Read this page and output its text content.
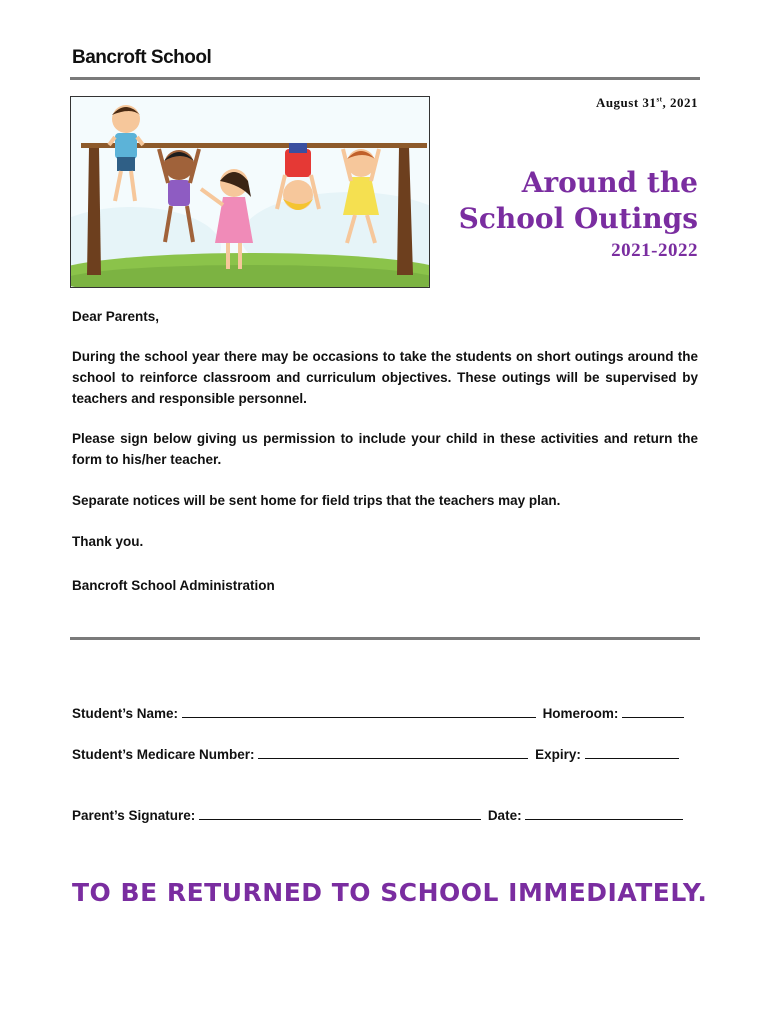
Bancroft School
August 31st, 2021
Around the
School Outings
2021-2022
Dear Parents,
During the school year there may be occasions to take the students on short outings around the school to reinforce classroom and curriculum objectives. These outings will be supervised by teachers and responsible personnel.
Please sign below giving us permission to include your child in these activities and return the form to his/her teacher.
Separate notices will be sent home for field trips that the teachers may plan.
Thank you.
Bancroft School Administration
Student’s Name:	Homeroom:
Student’s Medicare Number:	Expiry:
Parent’s Signature:	Date:
TO BE RETURNED TO SCHOOL IMMEDIATELY.
